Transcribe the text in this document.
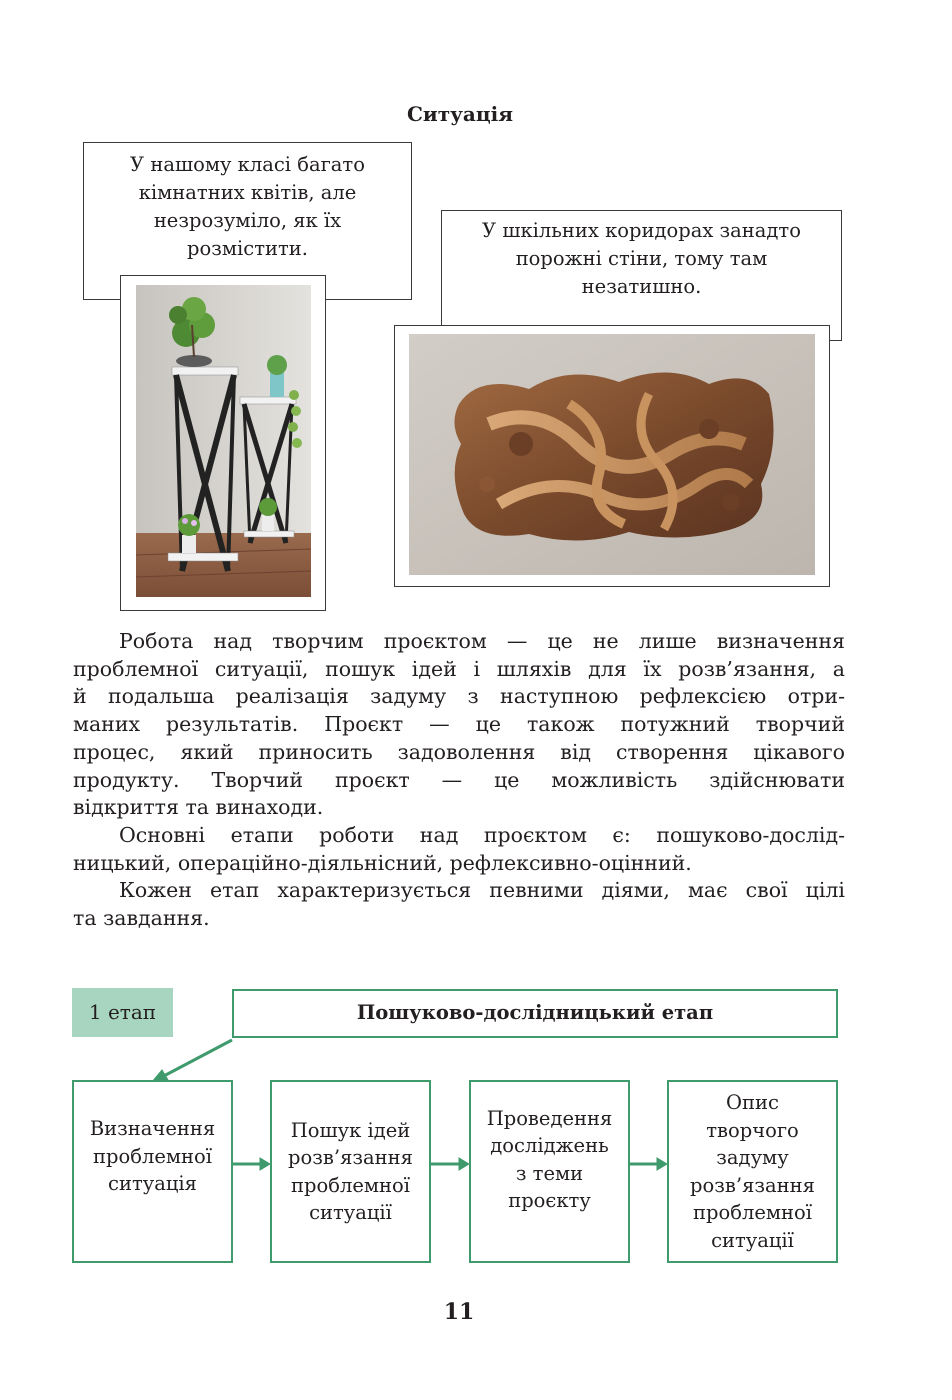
Ситуація
У нашому класі багато
кімнатних квітів, але
незрозуміло, як їх
розмістити.
У шкільних коридорах занадто
порожні стіни, тому там
незатишно.
Робота над творчим проєктом — це не лише визначення
проблемної ситуації, пошук ідей і шляхів для їх розв’язання, а
й подальша реалізація задуму з наступною рефлексією отри-
маних результатів. Проєкт — це також потужний творчий
процес, який приносить задоволення від створення цікавого
продукту. Творчий проєкт — це можливість здійснювати
відкриття та винаходи.
Основні етапи роботи над проєктом є: пошуково-дослід-
ницький, операційно-діяльнісний, рефлексивно-оцінний.
Кожен етап характеризується певними діями, має свої цілі
та завдання.
1 етап	Пошуково-дослідницький етап
Визначення
проблемної
ситуація
Пошук ідей
розв’язання
проблемної
ситуації
Проведення
досліджень
з теми
проєкту
Опис
творчого
задуму
розв’язання
проблемної
ситуації
11
